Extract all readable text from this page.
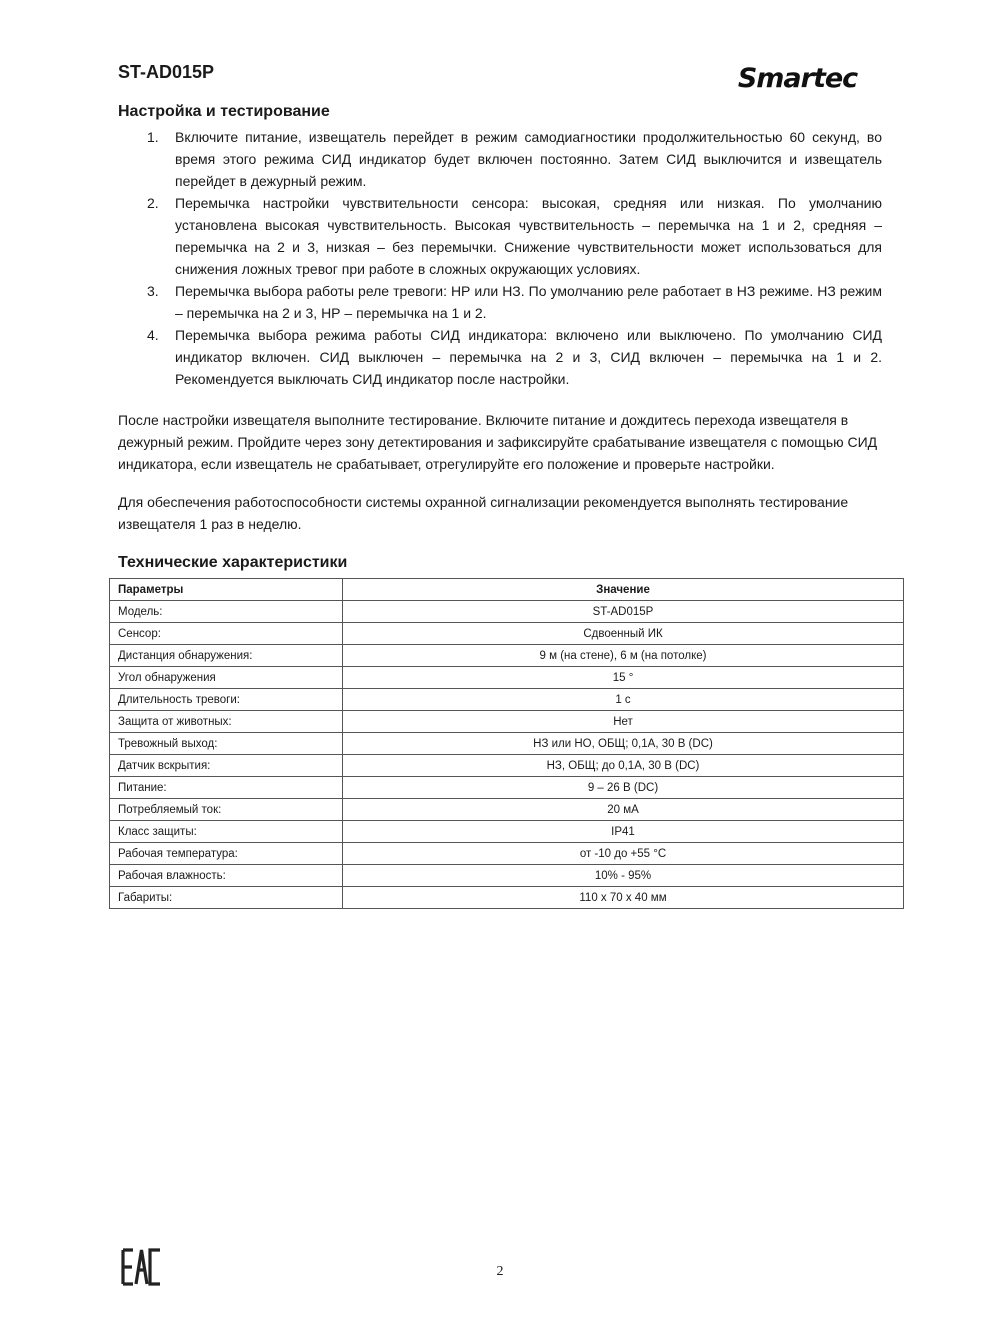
ST-AD015P	Smartec
Настройка и тестирование
1. Включите питание, извещатель перейдет в режим самодиагностики продолжительностью 60 секунд, во время этого режима СИД индикатор будет включен постоянно. Затем СИД выключится и извещатель перейдет в дежурный режим.
2. Перемычка настройки чувствительности сенсора: высокая, средняя или низкая. По умолчанию установлена высокая чувствительность. Высокая чувствительность – перемычка на 1 и 2, средняя – перемычка на 2 и 3, низкая – без перемычки. Снижение чувствительности может использоваться для снижения ложных тревог при работе в сложных окружающих условиях.
3. Перемычка выбора работы реле тревоги: НР или НЗ. По умолчанию реле работает в НЗ режиме. НЗ режим – перемычка на 2 и 3, НР – перемычка на 1 и 2.
4. Перемычка выбора режима работы СИД индикатора: включено или выключено. По умолчанию СИД индикатор включен. СИД выключен – перемычка на 2 и 3, СИД включен – перемычка на 1 и 2. Рекомендуется выключать СИД индикатор после настройки.

После настройки извещателя выполните тестирование. Включите питание и дождитесь перехода извещателя в дежурный режим. Пройдите через зону детектирования и зафиксируйте срабатывание извещателя с помощью СИД индикатора, если извещатель не срабатывает, отрегулируйте его положение и проверьте настройки.

Для обеспечения работоспособности системы охранной сигнализации рекомендуется выполнять тестирование извещателя 1 раз в неделю.

Технические характеристики
Параметры	Значение
Модель:	ST-AD015P
Сенсор:	Сдвоенный ИК
Дистанция обнаружения:	9 м (на стене), 6 м (на потолке)
Угол обнаружения	15 °
Длительность тревоги:	1 с
Защита от животных:	Нет
Тревожный выход:	НЗ или НО, ОБЩ; 0,1А, 30 В (DC)
Датчик вскрытия:	НЗ, ОБЩ; до 0,1А, 30 В (DC)
Питание:	9 – 26 В (DC)
Потребляемый ток:	20 мА
Класс защиты:	IP41
Рабочая температура:	от -10 до +55 °C
Рабочая влажность:	10% - 95%
Габариты:	110 x 70 x 40 мм
2
